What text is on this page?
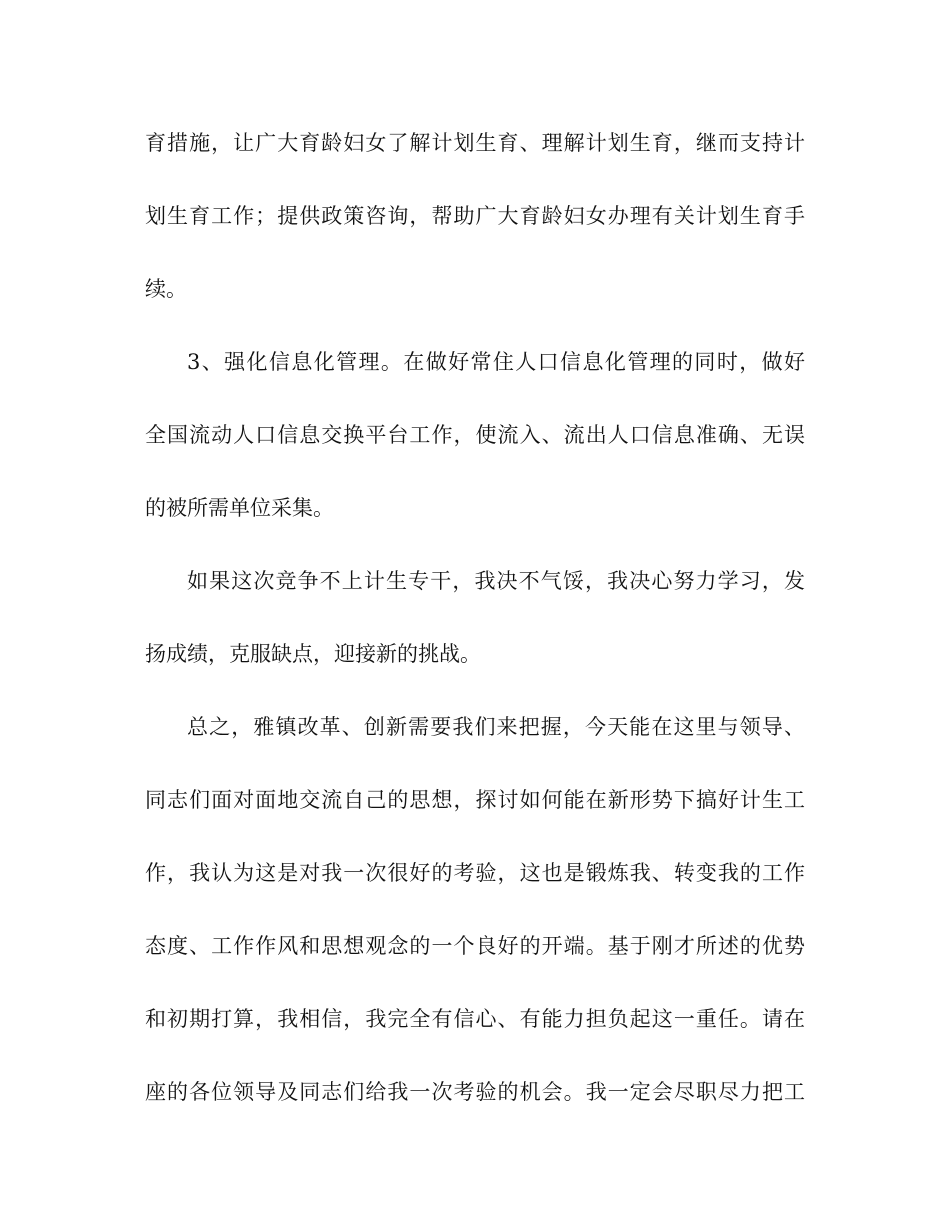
育措施，让广大育龄妇女了解计划生育、理解计划生育，继而支持计

划生育工作；提供政策咨询，帮助广大育龄妇女办理有关计划生育手

续。

3、强化信息化管理。在做好常住人口信息化管理的同时，做好

全国流动人口信息交换平台工作，使流入、流出人口信息准确、无误

的被所需单位采集。

如果这次竞争不上计生专干，我决不气馁，我决心努力学习，发

扬成绩，克服缺点，迎接新的挑战。

总之，雅镇改革、创新需要我们来把握，今天能在这里与领导、

同志们面对面地交流自己的思想，探讨如何能在新形势下搞好计生工

作，我认为这是对我一次很好的考验，这也是锻炼我、转变我的工作

态度、工作作风和思想观念的一个良好的开端。基于刚才所述的优势

和初期打算，我相信，我完全有信心、有能力担负起这一重任。请在

座的各位领导及同志们给我一次考验的机会。我一定会尽职尽力把工
